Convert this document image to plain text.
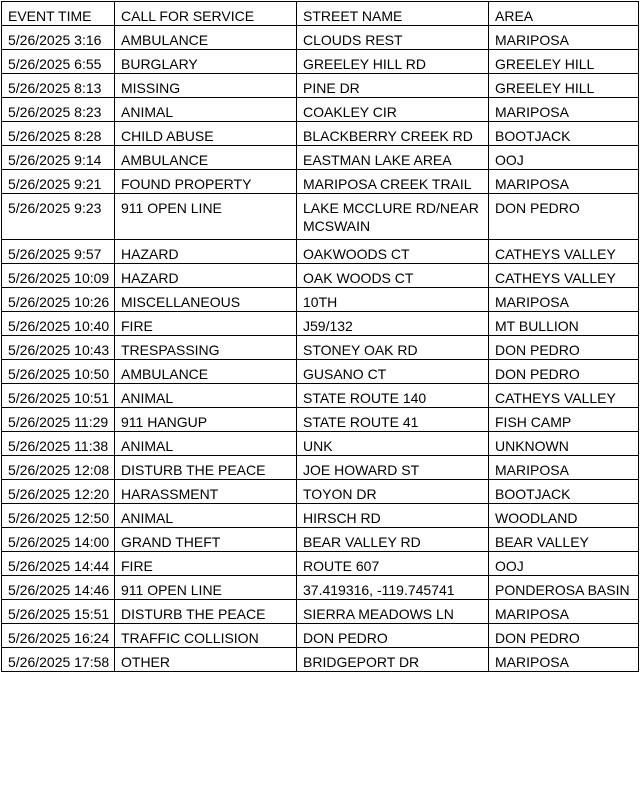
EVENT TIME	CALL FOR SERVICE	STREET NAME	AREA
5/26/2025 3:16	AMBULANCE	CLOUDS REST	MARIPOSA
5/26/2025 6:55	BURGLARY	GREELEY HILL RD	GREELEY HILL
5/26/2025 8:13	MISSING	PINE DR	GREELEY HILL
5/26/2025 8:23	ANIMAL	COAKLEY CIR	MARIPOSA
5/26/2025 8:28	CHILD ABUSE	BLACKBERRY CREEK RD	BOOTJACK
5/26/2025 9:14	AMBULANCE	EASTMAN LAKE AREA	OOJ
5/26/2025 9:21	FOUND PROPERTY	MARIPOSA CREEK TRAIL	MARIPOSA
5/26/2025 9:23	911 OPEN LINE	LAKE MCCLURE RD/NEAR MCSWAIN	DON PEDRO
5/26/2025 9:57	HAZARD	OAKWOODS CT	CATHEYS VALLEY
5/26/2025 10:09	HAZARD	OAK WOODS CT	CATHEYS VALLEY
5/26/2025 10:26	MISCELLANEOUS	10TH	MARIPOSA
5/26/2025 10:40	FIRE	J59/132	MT BULLION
5/26/2025 10:43	TRESPASSING	STONEY OAK RD	DON PEDRO
5/26/2025 10:50	AMBULANCE	GUSANO CT	DON PEDRO
5/26/2025 10:51	ANIMAL	STATE ROUTE 140	CATHEYS VALLEY
5/26/2025 11:29	911 HANGUP	STATE ROUTE 41	FISH CAMP
5/26/2025 11:38	ANIMAL	UNK	UNKNOWN
5/26/2025 12:08	DISTURB THE PEACE	JOE HOWARD ST	MARIPOSA
5/26/2025 12:20	HARASSMENT	TOYON DR	BOOTJACK
5/26/2025 12:50	ANIMAL	HIRSCH RD	WOODLAND
5/26/2025 14:00	GRAND THEFT	BEAR VALLEY RD	BEAR VALLEY
5/26/2025 14:44	FIRE	ROUTE 607	OOJ
5/26/2025 14:46	911 OPEN LINE	37.419316, -119.745741	PONDEROSA BASIN
5/26/2025 15:51	DISTURB THE PEACE	SIERRA MEADOWS LN	MARIPOSA
5/26/2025 16:24	TRAFFIC COLLISION	DON PEDRO	DON PEDRO
5/26/2025 17:58	OTHER	BRIDGEPORT DR	MARIPOSA
